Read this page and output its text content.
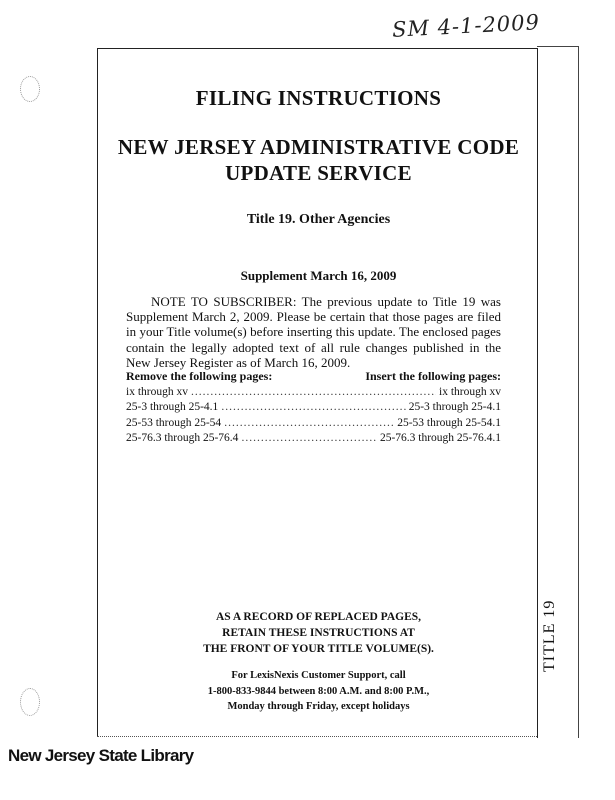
SM 4-1-2009
FILING INSTRUCTIONS
NEW JERSEY ADMINISTRATIVE CODE
UPDATE SERVICE
Title 19. Other Agencies
Supplement March 16, 2009
NOTE TO SUBSCRIBER: The previous update to Title 19 was Supplement March 2, 2009. Please be certain that those pages are filed in your Title volume(s) before inserting this update. The enclosed pages contain the legally adopted text of all rule changes published in the New Jersey Register as of March 16, 2009.
Remove the following pages:	Insert the following pages:
ix through xv .....	ix through xv
25-3 through 25-4.1 .....	25-3 through 25-4.1
25-53 through 25-54 .....	25-53 through 25-54.1
25-76.3 through 25-76.4 .....	25-76.3 through 25-76.4.1
AS A RECORD OF REPLACED PAGES,
RETAIN THESE INSTRUCTIONS AT
THE FRONT OF YOUR TITLE VOLUME(S).
For LexisNexis Customer Support, call
1-800-833-9844 between 8:00 A.M. and 8:00 P.M.,
Monday through Friday, except holidays
TITLE 19
New Jersey State Library
